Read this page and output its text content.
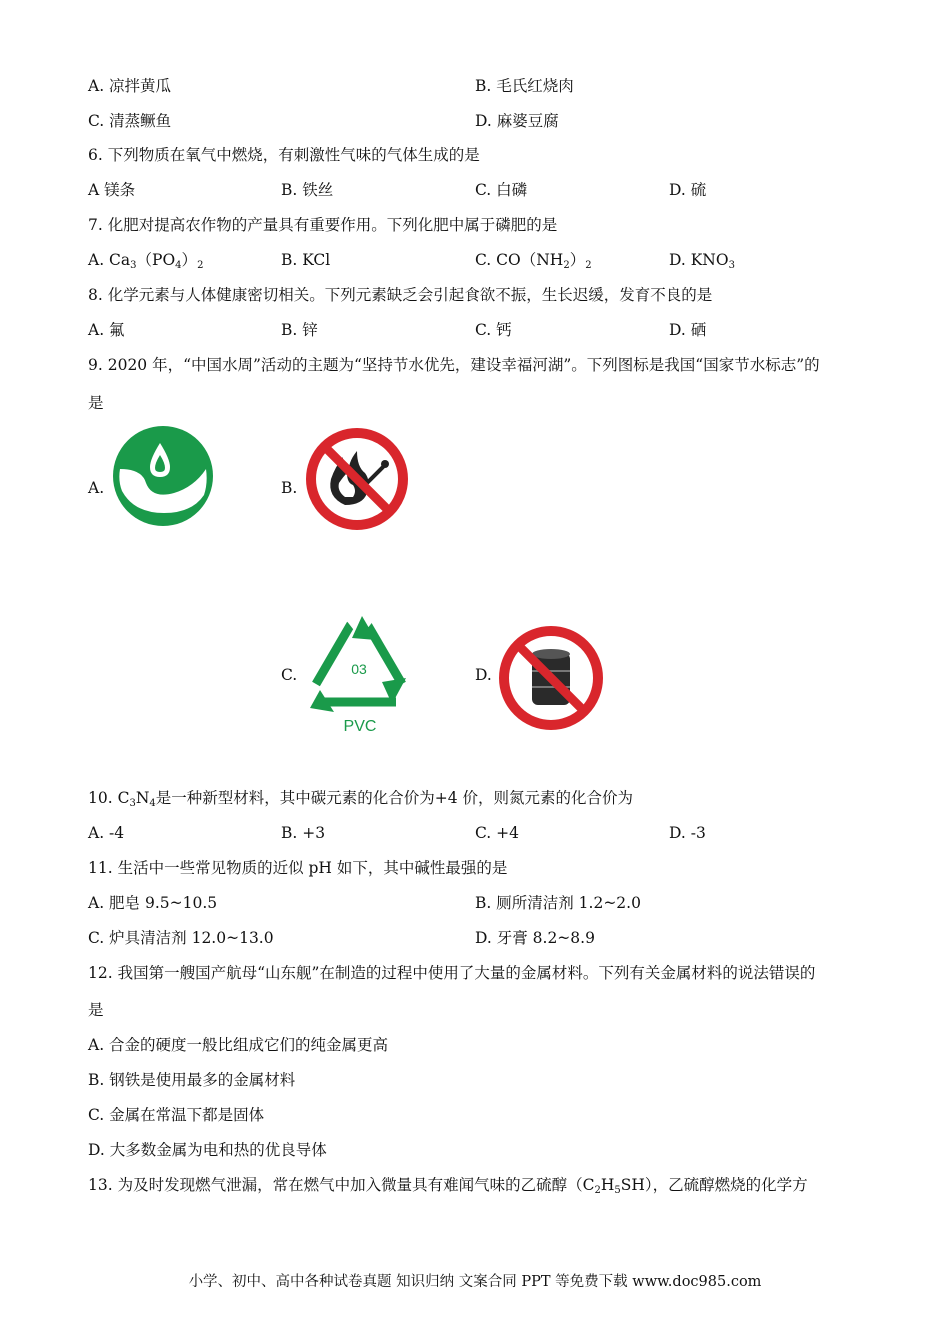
A. 凉拌黄瓜	B. 毛氏红烧肉
C. 清蒸鳜鱼	D. 麻婆豆腐
6. 下列物质在氧气中燃烧，有刺激性气味的气体生成的是
A 镁条	B. 铁丝	C. 白磷	D. 硫
7. 化肥对提高农作物的产量具有重要作用。下列化肥中属于磷肥的是
A. $Ca_3(PO_4)_2$	B. KCl	C. $CO(NH_2)_2$	D. $KNO_3$
8. 化学元素与人体健康密切相关。下列元素缺乏会引起食欲不振，生长迟缓，发育不良的是
A. 氟	B. 锌	C. 钙	D. 硒
9. 2020 年，“中国水周”活动的主题为“坚持节水优先，建设幸福河湖”。下列图标是我国“国家节水标志”的
是
A.	B.
C.	03
PVC
D.
10. $C_3N_4$是一种新型材料，其中碳元素的化合价为+4 价，则氮元素的化合价为
A. -4	B. +3	C. +4	D. -3
11. 生活中一些常见物质的近似 pH 如下，其中碱性最强的是
A. 肥皂 9.5~10.5	B. 厕所清洁剂 1.2~2.0
C. 炉具清洁剂 12.0~13.0	D. 牙膏 8.2~8.9
12. 我国第一艘国产航母“山东舰”在制造的过程中使用了大量的金属材料。下列有关金属材料的说法错误的
是
A. 合金的硬度一般比组成它们的纯金属更高
B. 钢铁是使用最多的金属材料
C. 金属在常温下都是固体
D. 大多数金属为电和热的优良导体
13. 为及时发现燃气泄漏，常在燃气中加入微量具有难闻气味的乙硫醇$(C_2H_5SH)$，乙硫醇燃烧的化学方
小学、初中、高中各种试卷真题 知识归纳 文案合同 PPT 等免费下载 www.doc985.com
